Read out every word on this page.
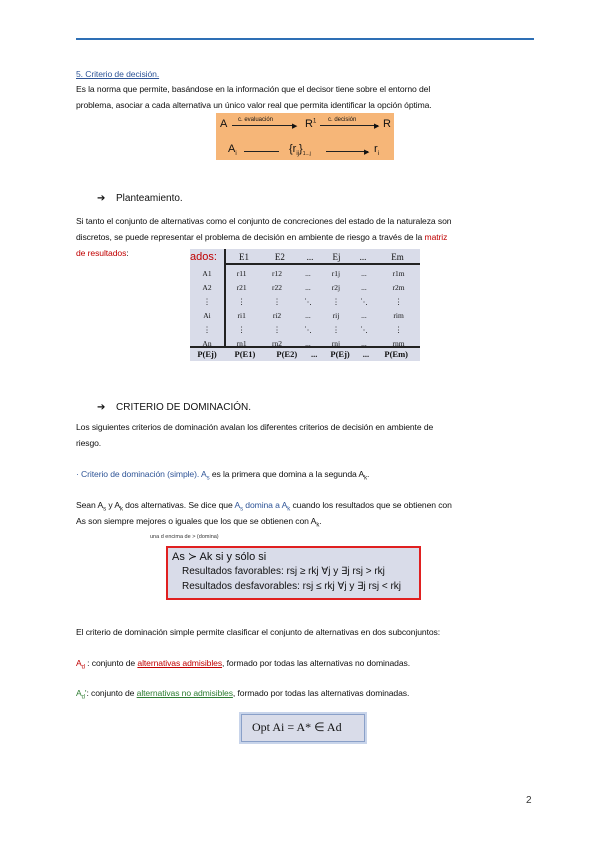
5. Criterio de decisión.
Es la norma que permite, basándose en la información que el decisor tiene sobre el entorno del
problema, asociar a cada alternativa un único valor real que permita identificar la opción óptima.
A c. evaluación
▶ $R^1$ c. decisión
▶ R
$A_i$	$\{r_{ij}\}_{1...j}$	▶ $r_i$
➔ Planteamiento.
Si tanto el conjunto de alternativas como el conjunto de concreciones del estado de la naturaleza son
discretos, se puede representar el problema de decisión en ambiente de riesgo a través de la matriz
de resultados:	ados: E1	E2	...	Ej	...	Em
A1	r11	r12	...	r1j	...	r1m
A2	r21	r22	...	r2j	...	r2m
⋮	⋮	⋮	⋱	⋮	⋱	⋮
Ai	ri1	ri2	...	rij	...	rim
⋮	⋮	⋮	⋱	⋮	⋱	⋮
An	rn1	rn2	...	rnj	...	rnm
P(Ej)	P(E1)	P(E2)	...	P(Ej)	...	P(Em)
➔ CRITERIO DE DOMINACIÓN.
Los siguientes criterios de dominación avalan los diferentes criterios de decisión en ambiente de
riesgo.
· Criterio de dominación (simple). $A_s$ es la primera que domina a la segunda $A_k$.
Sean $A_s$ y $A_k$ dos alternativas. Se dice que $A_s$ domina a $A_k$ cuando los resultados que se obtienen con
As son siempre mejores o iguales que los que se obtienen con $A_k$.
una d encima de > (domina)
As ≻ Ak si y sólo si
Resultados favorables: rsj ≥ rkj ∀j y ∃j rsj > rkj
Resultados desfavorables: rsj ≤ rkj ∀j y ∃j rsj < rkj
El criterio de dominación simple permite clasificar el conjunto de alternativas en dos subconjuntos:
$A_d$ : conjunto de alternativas admisibles, formado por todas las alternativas no dominadas.
$A_d'$: conjunto de alternativas no admisibles, formado por todas las alternativas dominadas.
Opt Ai = A* ∈ Ad
2
